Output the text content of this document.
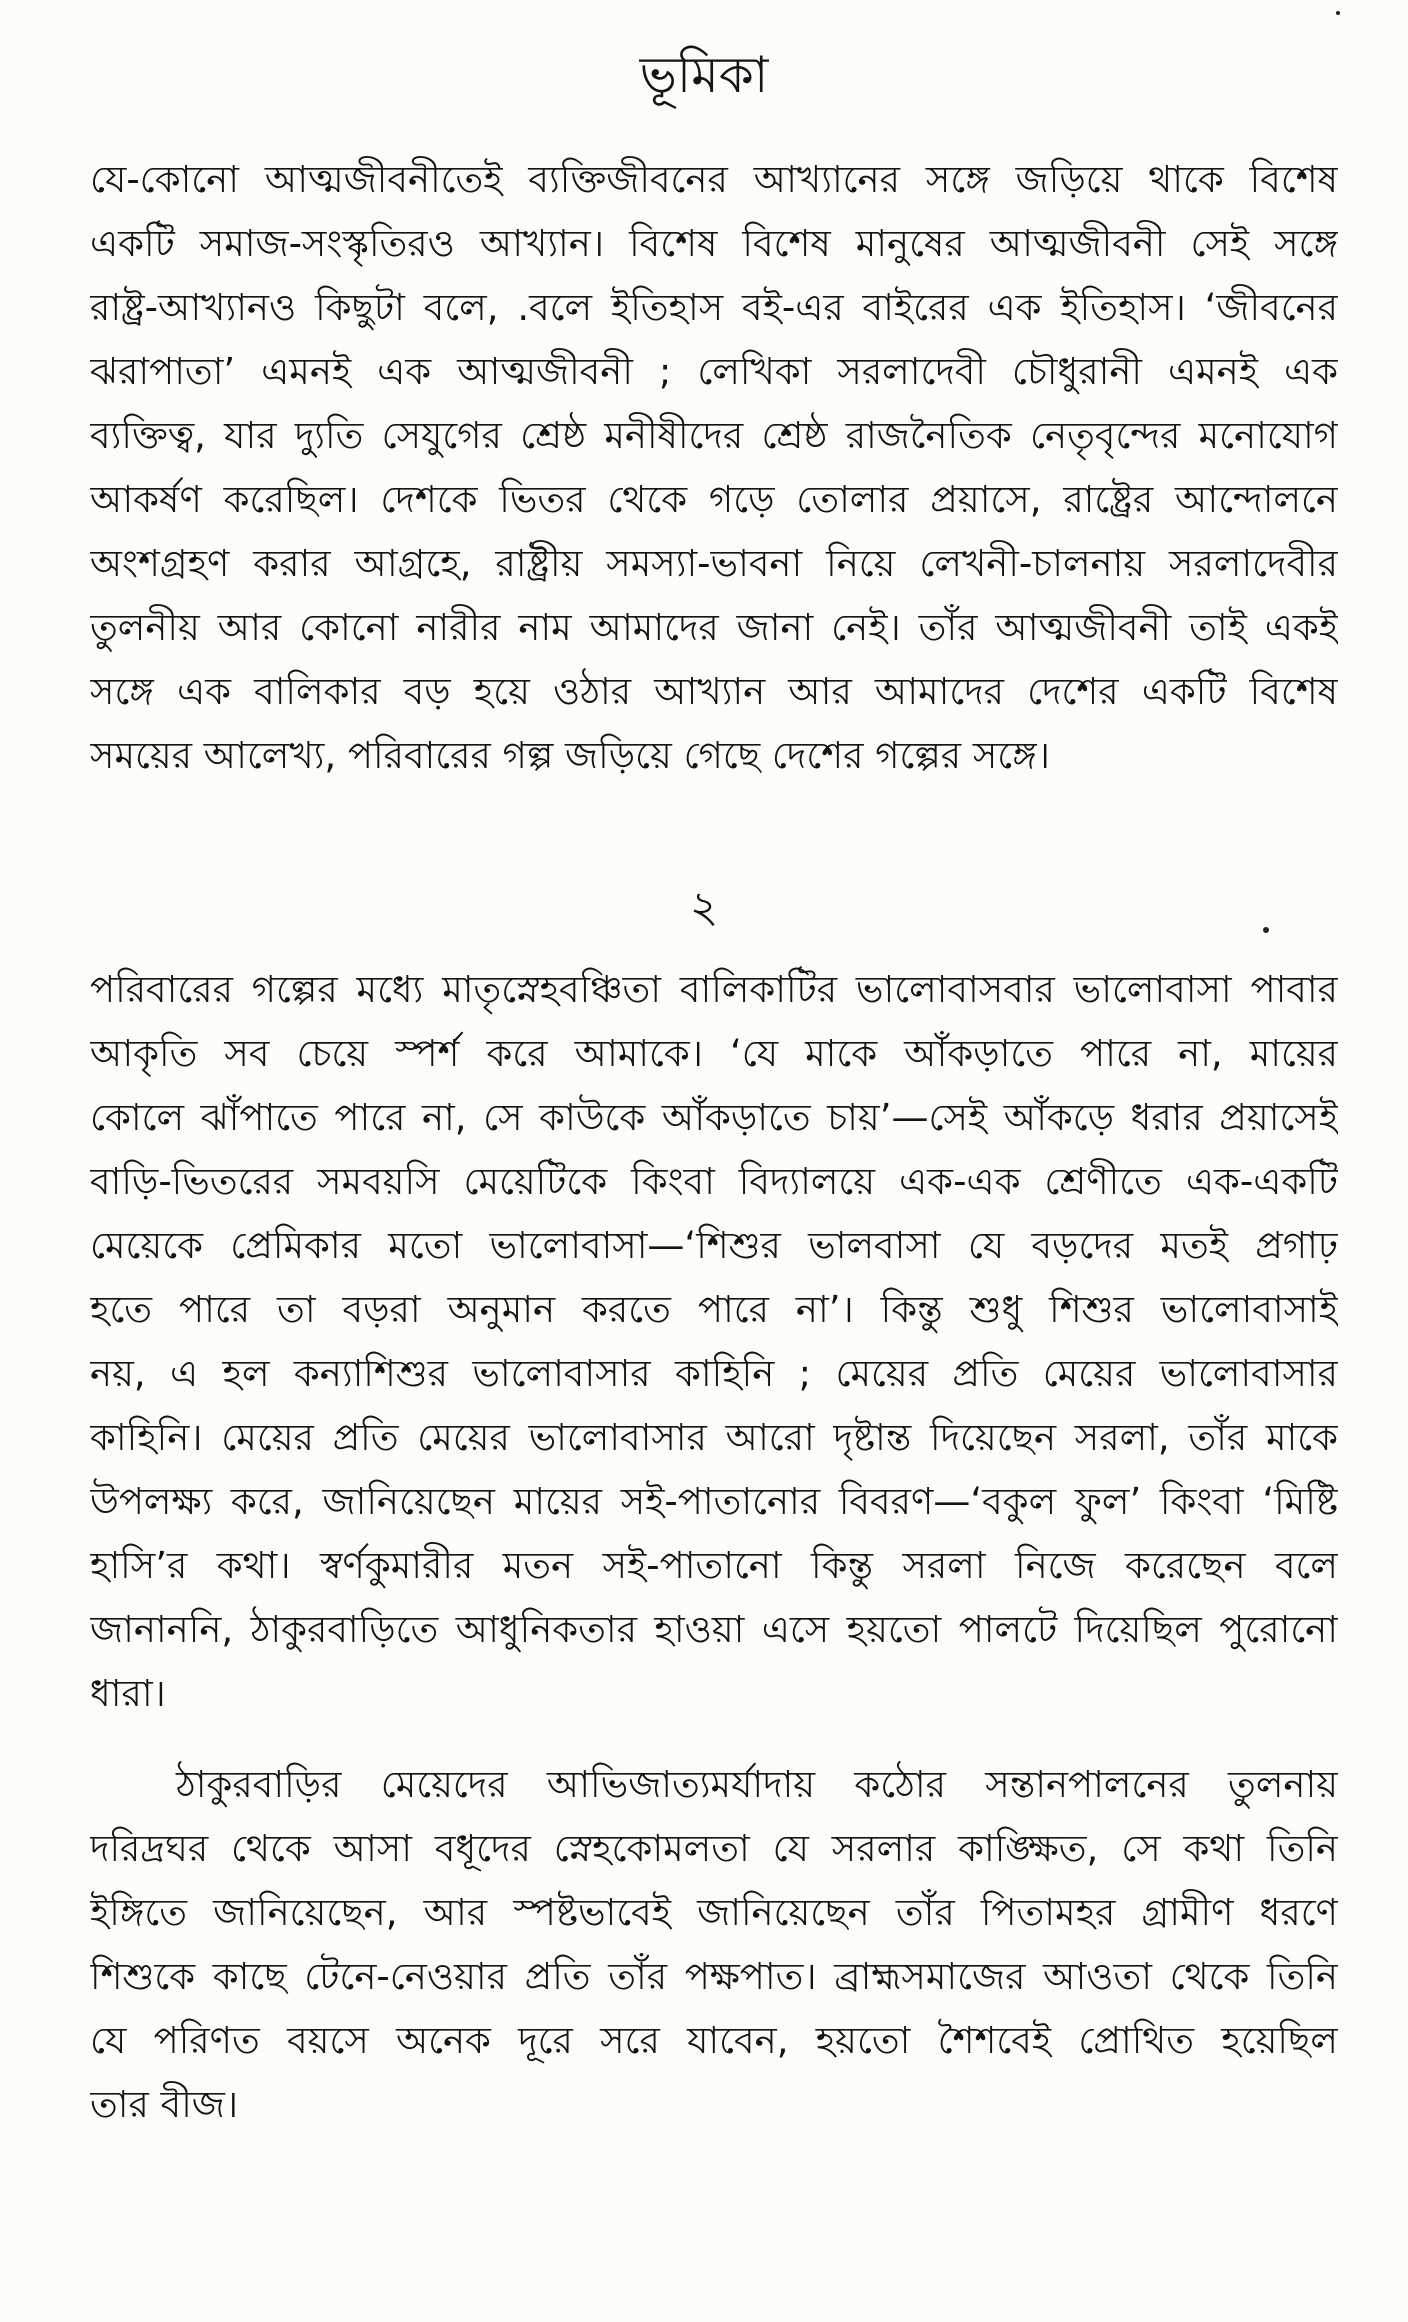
ভূমিকা
যে-কোনো আত্মজীবনীতেই ব্যক্তিজীবনের আখ্যানের সঙ্গে জড়িয়ে থাকে বিশেষ
একটি সমাজ-সংস্কৃতিরও আখ্যান। বিশেষ বিশেষ মানুষের আত্মজীবনী সেই সঙ্গে
রাষ্ট্র-আখ্যানও কিছুটা বলে, .বলে ইতিহাস বই-এর বাইরের এক ইতিহাস। ‘জীবনের
ঝরাপাতা’ এমনই এক আত্মজীবনী ; লেখিকা সরলাদেবী চৌধুরানী এমনই এক
ব্যক্তিত্ব, যার দ্যুতি সেযুগের শ্রেষ্ঠ মনীষীদের শ্রেষ্ঠ রাজনৈতিক নেতৃবৃন্দের মনোযোগ
আকর্ষণ করেছিল। দেশকে ভিতর থেকে গড়ে তোলার প্রয়াসে, রাষ্ট্রের আন্দোলনে
অংশগ্রহণ করার আগ্রহে, রাষ্ট্রীয় সমস্যা-ভাবনা নিয়ে লেখনী-চালনায় সরলাদেবীর
তুলনীয় আর কোনো নারীর নাম আমাদের জানা নেই। তাঁর আত্মজীবনী তাই একই
সঙ্গে এক বালিকার বড় হয়ে ওঠার আখ্যান আর আমাদের দেশের একটি বিশেষ
সময়ের আলেখ্য, পরিবারের গল্প জড়িয়ে গেছে দেশের গল্পের সঙ্গে।
২
পরিবারের গল্পের মধ্যে মাতৃস্নেহবঞ্চিতা বালিকাটির ভালোবাসবার ভালোবাসা পাবার
আকৃতি সব চেয়ে স্পর্শ করে আমাকে। ‘যে মাকে আঁকড়াতে পারে না, মায়ের
কোলে ঝাঁপাতে পারে না, সে কাউকে আঁকড়াতে চায়’—সেই আঁকড়ে ধরার প্রয়াসেই
বাড়ি-ভিতরের সমবয়সি মেয়েটিকে কিংবা বিদ্যালয়ে এক-এক শ্রেণীতে এক-একটি
মেয়েকে প্রেমিকার মতো ভালোবাসা—‘শিশুর ভালবাসা যে বড়দের মতই প্রগাঢ়
হতে পারে তা বড়রা অনুমান করতে পারে না’। কিন্তু শুধু শিশুর ভালোবাসাই
নয়, এ হল কন্যাশিশুর ভালোবাসার কাহিনি ; মেয়ের প্রতি মেয়ের ভালোবাসার
কাহিনি। মেয়ের প্রতি মেয়ের ভালোবাসার আরো দৃষ্টান্ত দিয়েছেন সরলা, তাঁর মাকে
উপলক্ষ্য করে, জানিয়েছেন মায়ের সই-পাতানোর বিবরণ—‘বকুল ফুল’ কিংবা ‘মিষ্টি
হাসি’র কথা। স্বর্ণকুমারীর মতন সই-পাতানো কিন্তু সরলা নিজে করেছেন বলে
জানাননি, ঠাকুরবাড়িতে আধুনিকতার হাওয়া এসে হয়তো পালটে দিয়েছিল পুরোনো
ধারা।
ঠাকুরবাড়ির মেয়েদের আভিজাত্যমর্যাদায় কঠোর সন্তানপালনের তুলনায়
দরিদ্রঘর থেকে আসা বধূদের স্নেহকোমলতা যে সরলার কাঙ্ক্ষিত, সে কথা তিনি
ইঙ্গিতে জানিয়েছেন, আর স্পষ্টভাবেই জানিয়েছেন তাঁর পিতামহর গ্রামীণ ধরণে
শিশুকে কাছে টেনে-নেওয়ার প্রতি তাঁর পক্ষপাত। ব্রাহ্মসমাজের আওতা থেকে তিনি
যে পরিণত বয়সে অনেক দূরে সরে যাবেন, হয়তো শৈশবেই প্রোথিত হয়েছিল
তার বীজ।
